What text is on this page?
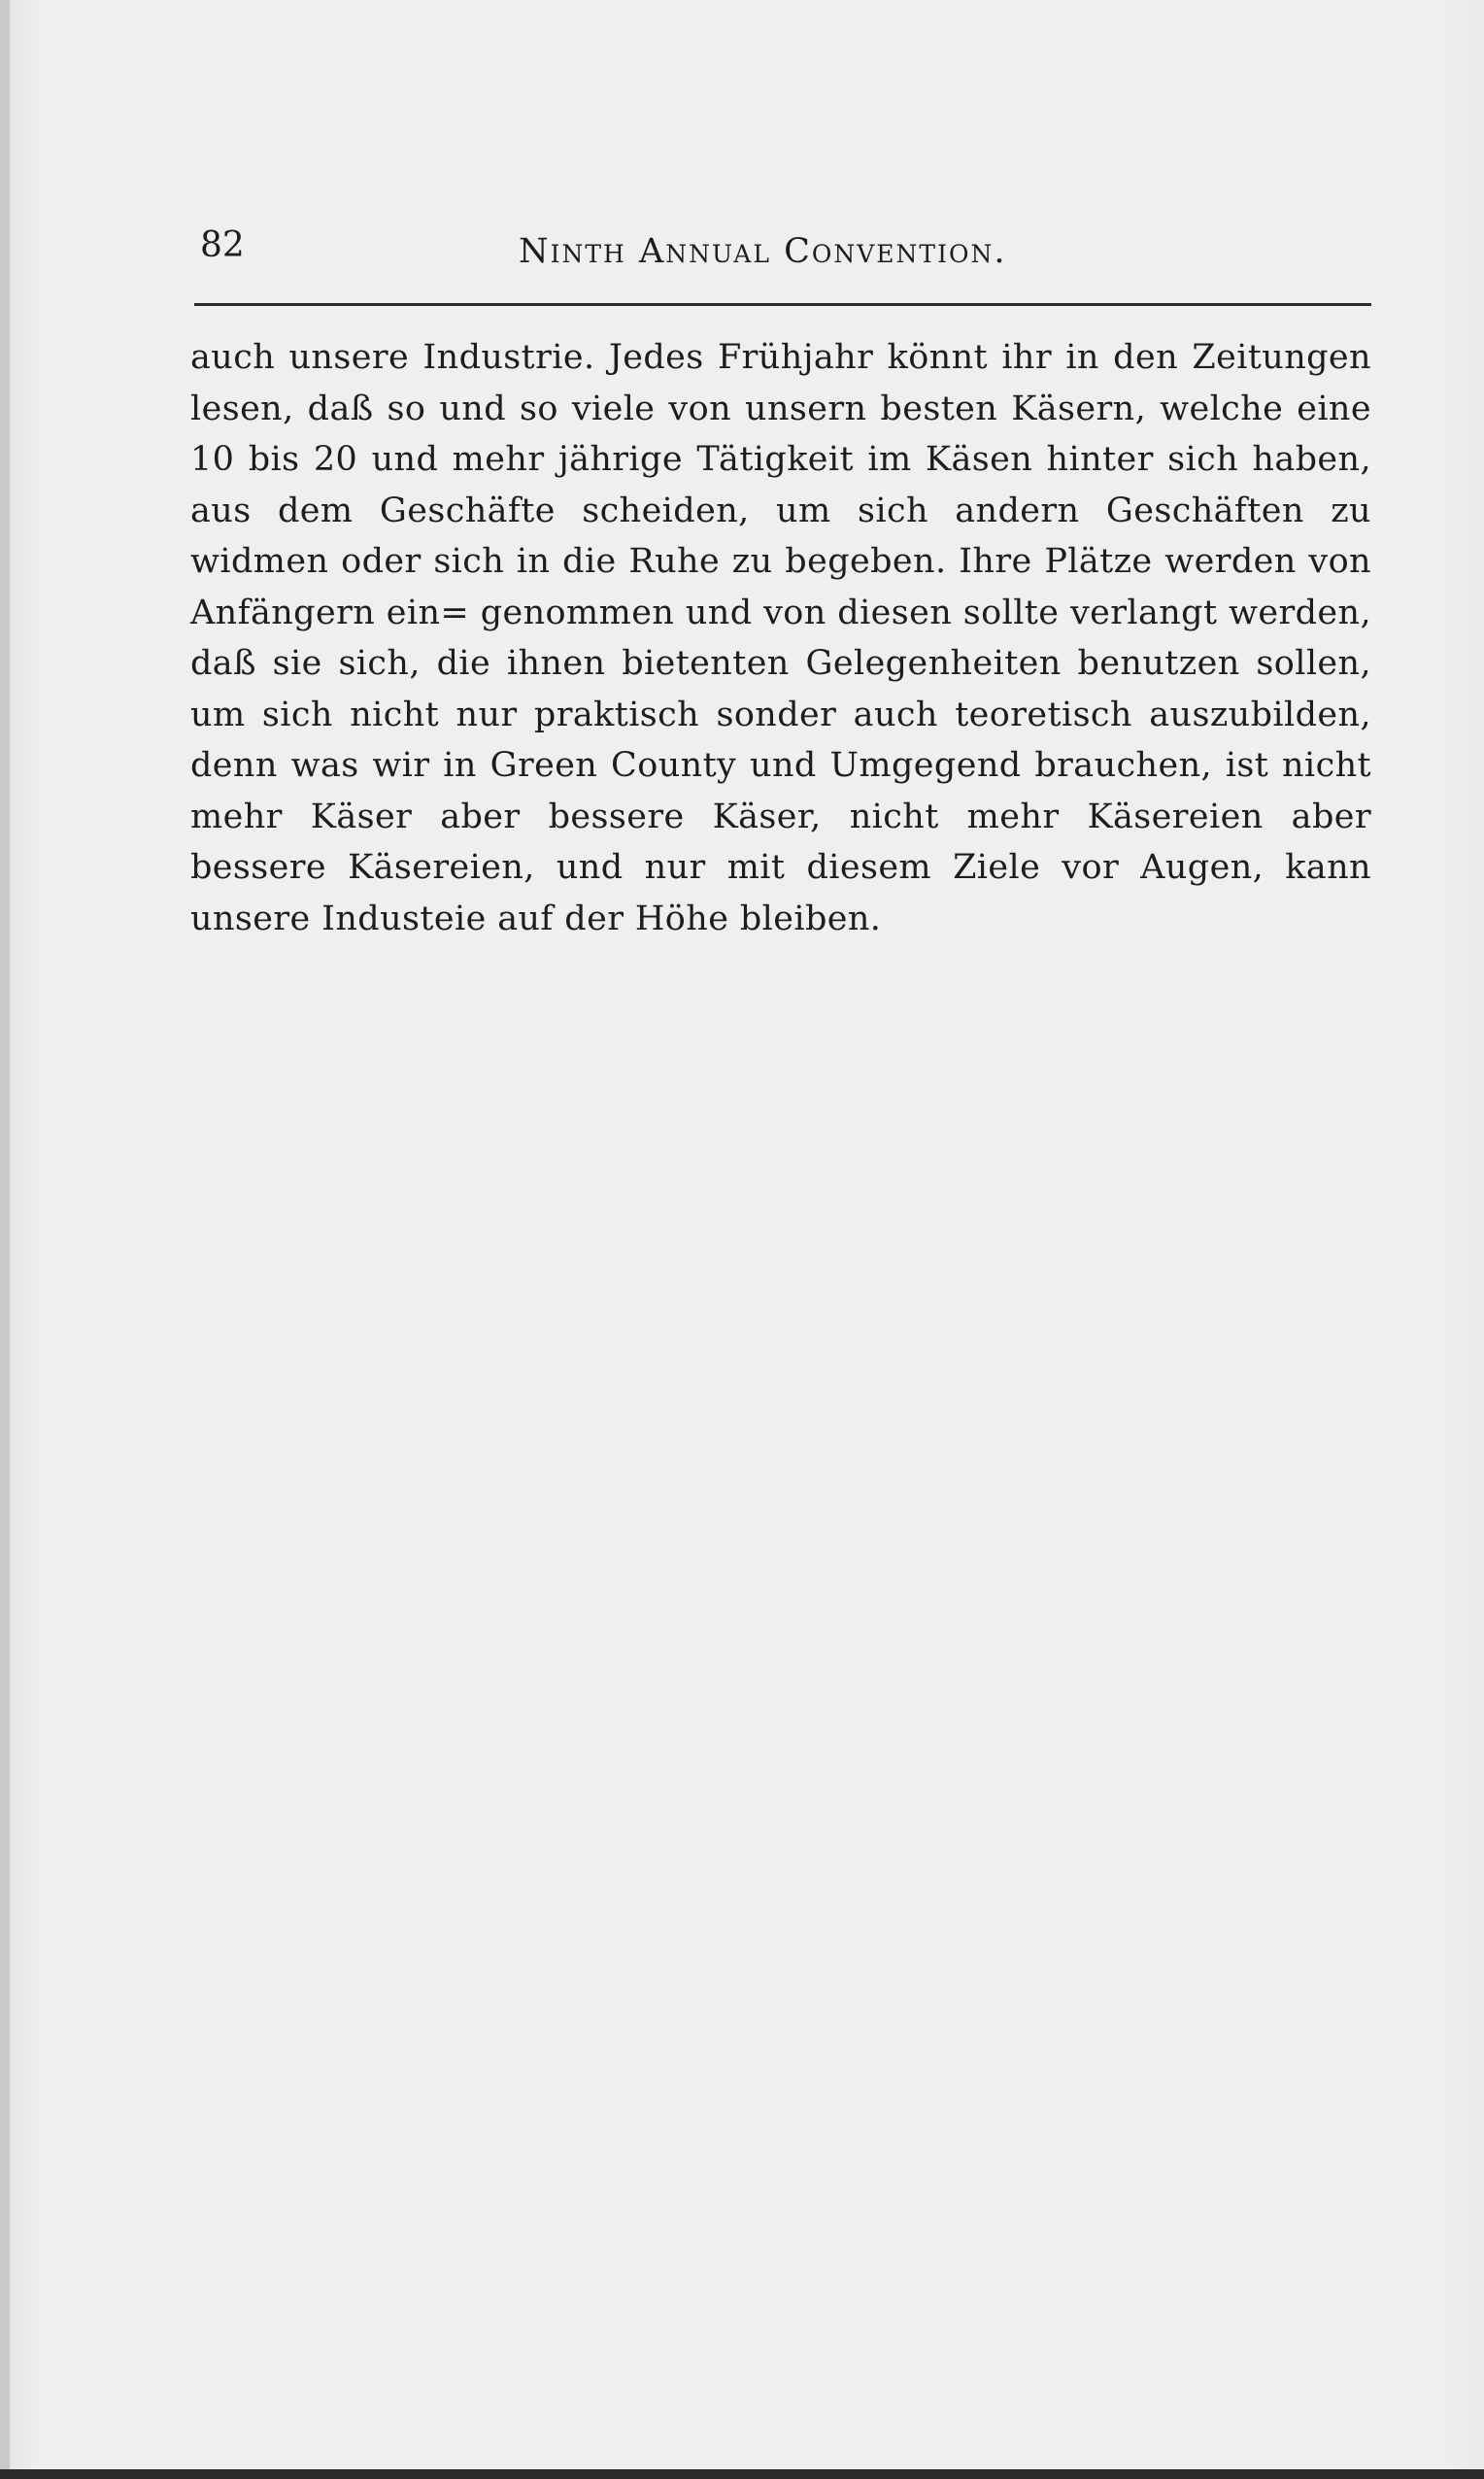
82	Ninth Annual Convention.

auch unsere Industrie. Jedes Frühjahr könnt ihr in den Zeitungen lesen, daß so und so viele von unsern besten Käsern, welche eine 10 bis 20 und mehr jährige Tätigkeit im Käsen hinter sich haben, aus dem Geschäfte scheiden, um sich andern Geschäften zu widmen oder sich in die Ruhe zu begeben. Ihre Plätze werden von Anfängern ein= genommen und von diesen sollte verlangt werden, daß sie sich, die ihnen bietenten Gelegenheiten benutzen sollen, um sich nicht nur praktisch sonder auch teoretisch auszubilden, denn was wir in Green County und Umgegend brauchen, ist nicht mehr Käser aber bessere Käser, nicht mehr Käsereien aber bessere Käsereien, und nur mit diesem Ziele vor Augen, kann unsere Industeie auf der Höhe bleiben.
